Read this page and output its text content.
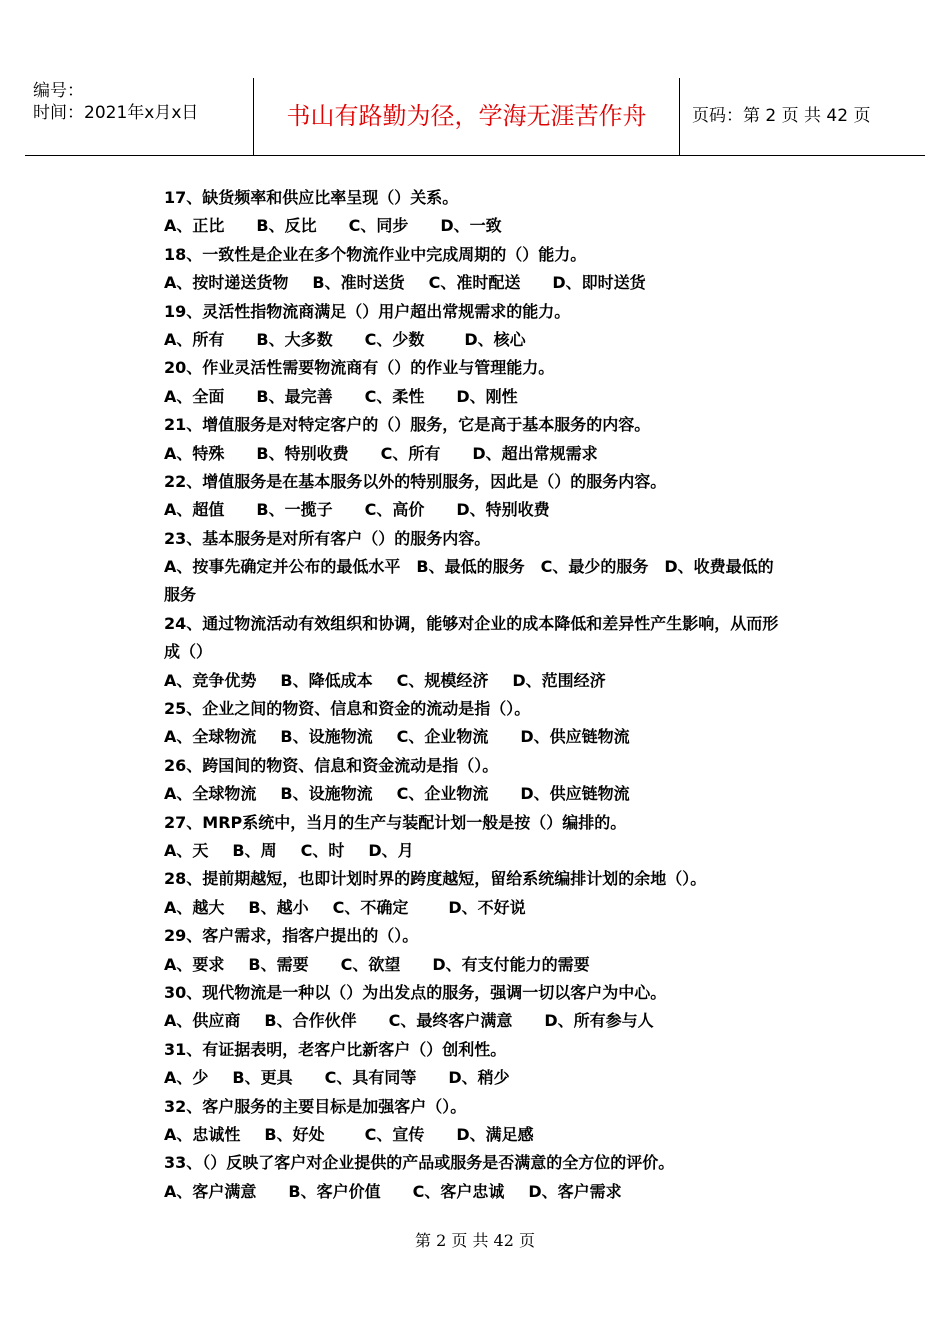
编号：
时间：2021年x月x日	书山有路勤为径，学海无涯苦作舟	页码：第 2 页 共 42 页
17、缺货频率和供应比率呈现（）关系。
A、正比 B、反比 C、同步 D、一致
18、一致性是企业在多个物流作业中完成周期的（）能力。
A、按时递送货物 B、准时送货 C、准时配送 D、即时送货
19、灵活性指物流商满足（）用户超出常规需求的能力。
A、所有 B、大多数 C、少数	D、核心
20、作业灵活性需要物流商有（）的作业与管理能力。
A、全面 B、最完善 C、柔性 D、刚性
21、增值服务是对特定客户的（）服务，它是高于基本服务的内容。
A、特殊 B、特别收费 C、所有 D、超出常规需求
22、增值服务是在基本服务以外的特别服务，因此是（）的服务内容。
A、超值 B、一揽子 C、高价 D、特别收费
23、基本服务是对所有客户（）的服务内容。
A、按事先确定并公布的最低水平 B、最低的服务 C、最少的服务 D、收费最低的
服务
24、通过物流活动有效组织和协调，能够对企业的成本降低和差异性产生影响，从而形
成（）
A、竞争优势 B、降低成本 C、规模经济 D、范围经济
25、企业之间的物资、信息和资金的流动是指（）。
A、全球物流 B、设施物流 C、企业物流 D、供应链物流
26、跨国间的物资、信息和资金流动是指（）。
A、全球物流 B、设施物流 C、企业物流 D、供应链物流
27、MRP系统中，当月的生产与装配计划一般是按（）编排的。
A、天 B、周 C、时 D、月
28、提前期越短，也即计划时界的跨度越短，留给系统编排计划的余地（）。
A、越大 B、越小 C、不确定	D、不好说
29、客户需求，指客户提出的（）。
A、要求 B、需要 C、欲望 D、有支付能力的需要
30、现代物流是一种以（）为出发点的服务，强调一切以客户为中心。
A、供应商 B、合作伙伴 C、最终客户满意 D、所有参与人
31、有证据表明，老客户比新客户（）创利性。
A、少 B、更具 C、具有同等 D、稍少
32、客户服务的主要目标是加强客户（）。
A、忠诚性 B、好处	C、宣传 D、满足感
33、（）反映了客户对企业提供的产品或服务是否满意的全方位的评价。
A、客户满意 B、客户价值 C、客户忠诚 D、客户需求
第 2 页 共 42 页
